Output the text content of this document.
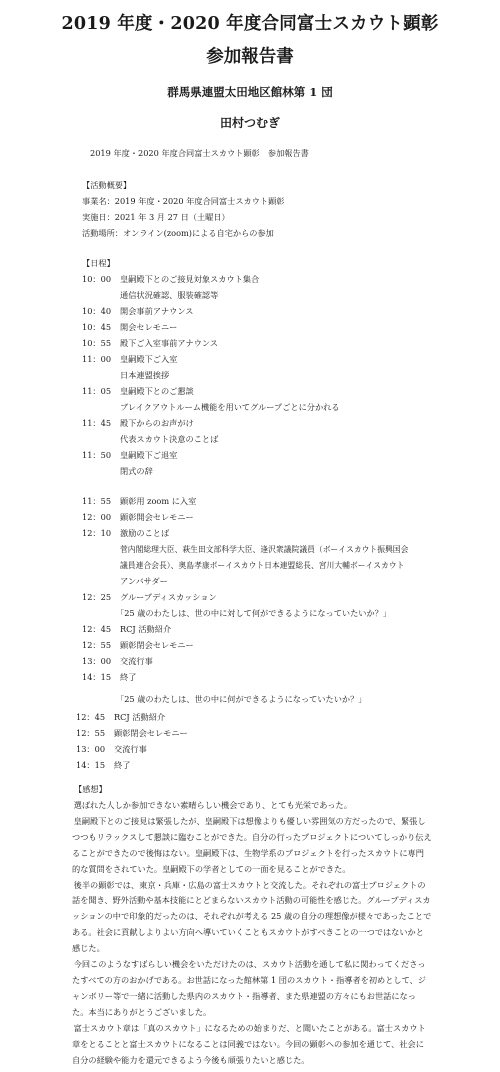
2019 年度・2020 年度合同富士スカウト顕彰
参加報告書
群馬県連盟太田地区館林第 1 団
田村つむぎ
2019 年度・2020 年度合同富士スカウト顕彰　参加報告書
【活動概要】
事業名：2019 年度・2020 年度合同富士スカウト顕彰
実施日：2021 年 3 月 27 日（土曜日）
活動場所：オンライン(zoom)による自宅からの参加
【日程】
10：00 皇嗣殿下とのご接見対象スカウト集合
通信状況確認、服装確認等
10：40 開会事前アナウンス
10：45 開会セレモニー
10：55 殿下ご入室事前アナウンス
11：00 皇嗣殿下ご入室
日本連盟挨拶
11：05 皇嗣殿下とのご懇談
ブレイクアウトルーム機能を用いてグループごとに分かれる
11：45 殿下からのお声がけ
代表スカウト決意のことば
11：50 皇嗣殿下ご退室
閉式の辞
11：55 顕彰用 zoom に入室
12：00 顕彰開会セレモニー
12：10 激励のことば
菅内閣総理大臣、萩生田文部科学大臣、逢沢衆議院議員（ボーイスカウト振興国会
議員連合会長）、奥島孝康ボーイスカウト日本連盟総長、宮川大輔ボーイスカウト
アンバサダー
12：25 グループディスカッション
「25 歳のわたしは、世の中に対して何ができるようになっていたいか？」
12：45 RCJ 活動紹介
12：55 顕彰閉会セレモニー
13：00 交流行事
14：15 終了
「25 歳のわたしは、世の中に何ができるようになっていたいか？」
12：45 RCJ 活動紹介
12：55 顕彰閉会セレモニー
13：00 交流行事
14：15 終了
【感想】

選ばれた人しか参加できない素晴らしい機会であり、とても光栄であった。

皇嗣殿下とのご接見は緊張したが、皇嗣殿下は想像よりも優しい雰囲気の方だったので、緊張しつつもリラックスして懇談に臨むことができた。自分の行ったプロジェクトについてしっかり伝えることができたので後悔はない。皇嗣殿下は、生物学系のプロジェクトを行ったスカウトに専門的な質問をされていた。皇嗣殿下の学者としての一面を見ることができた。

後半の顕彰では、東京・兵庫・広島の富士スカウトと交流した。それぞれの富士プロジェクトの話を聞き、野外活動や基本技能にとどまらないスカウト活動の可能性を感じた。グループディスカッションの中で印象的だったのは、それぞれが考える 25 歳の自分の理想像が様々であったことである。社会に貢献しよりよい方向へ導いていくこともスカウトがすべきことの一つではないかと感じた。

今回このようなすばらしい機会をいただけたのは、スカウト活動を通して私に関わってくださったすべての方のおかげである。お世話になった館林第 1 団のスカウト・指導者を初めとして、ジャンボリー等で一緒に活動した県内のスカウト・指導者、また県連盟の方々にもお世話になった。本当にありがとうございました。

富士スカウト章は「真のスカウト」になるための始まりだ、と聞いたことがある。富士スカウト章をとることと富士スカウトになることは同義ではない。今回の顕彰への参加を通じて、社会に自分の経験や能力を還元できるよう今後も頑張りたいと感じた。
